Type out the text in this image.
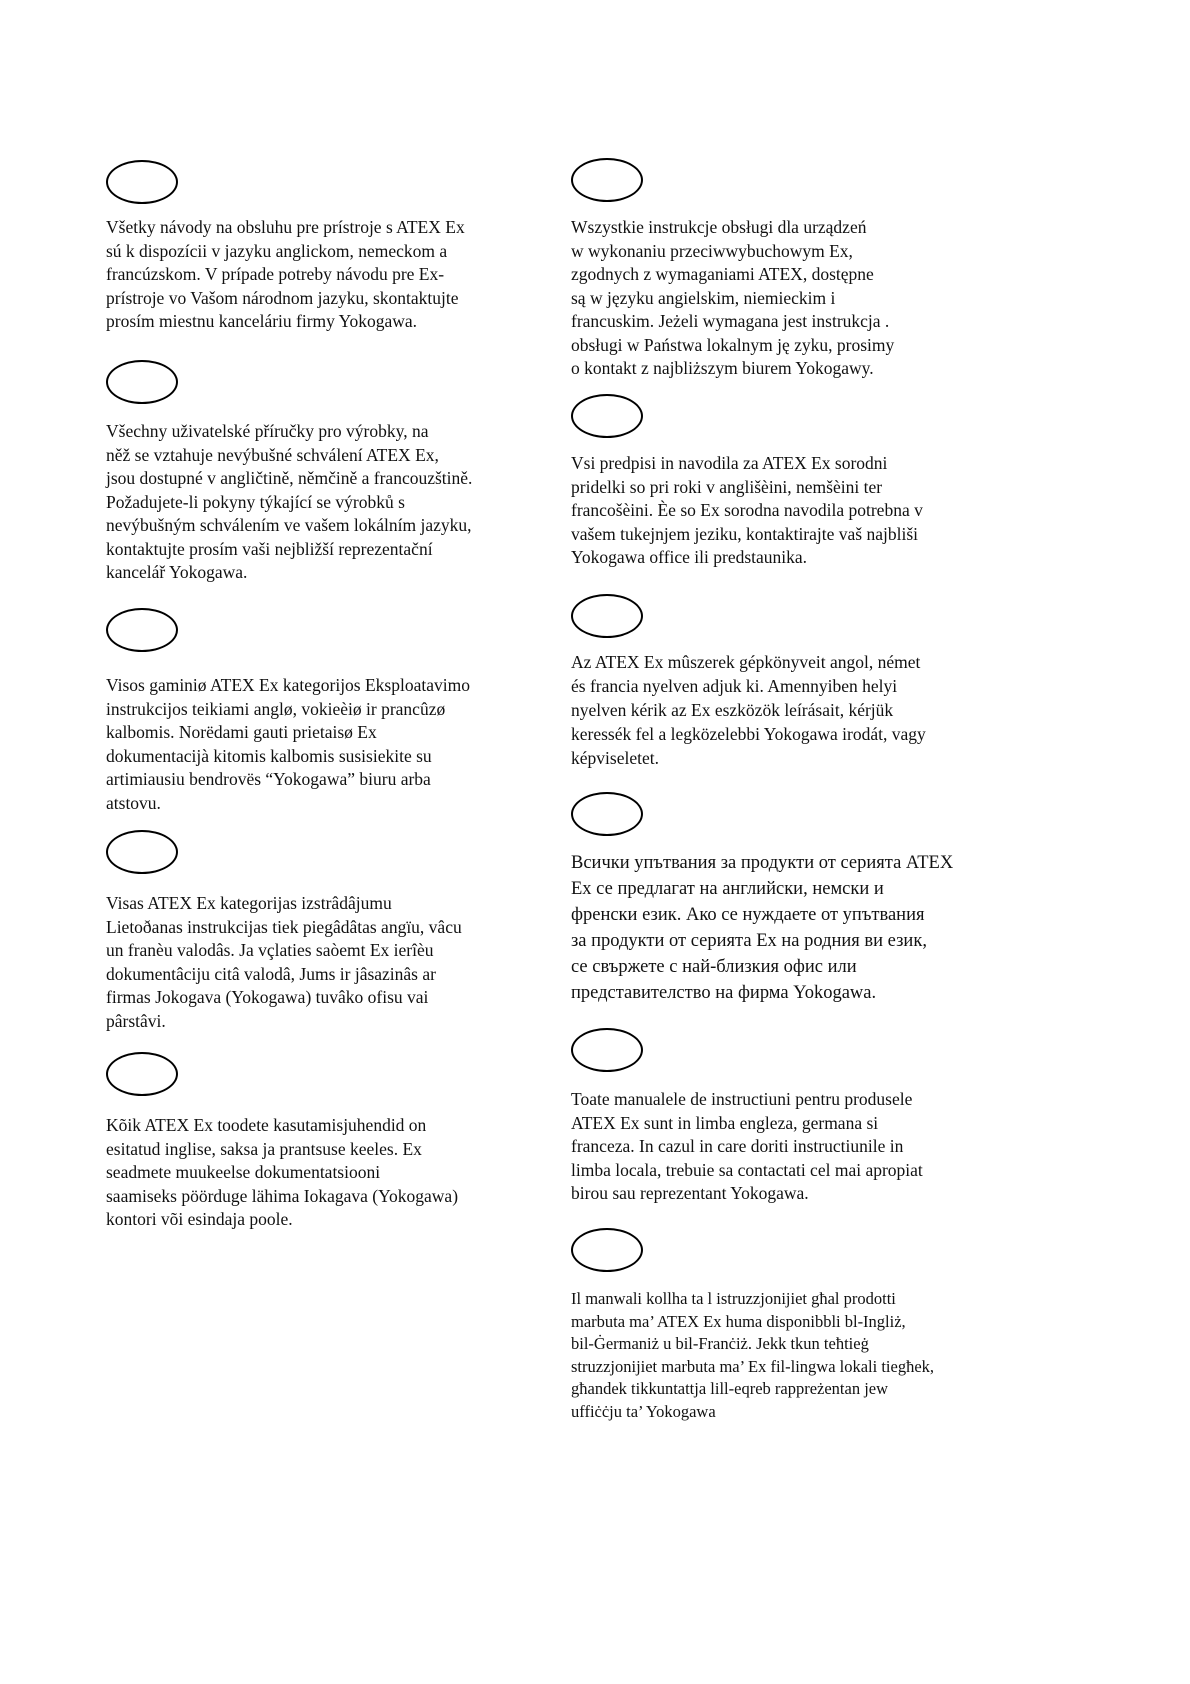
Všetky návody na obsluhu pre prístroje s ATEX Ex
sú k dispozícii v jazyku anglickom, nemeckom a
francúzskom. V prípade potreby návodu pre Ex-
prístroje vo Vašom národnom jazyku, skontaktujte
prosím miestnu kanceláriu firmy Yokogawa.
Všechny uživatelské příručky pro výrobky, na
něž se vztahuje nevýbušné schválení ATEX Ex,
jsou dostupné v angličtině, němčině a francouzštině.
Požadujete-li pokyny týkající se výrobků s
nevýbušným schválením ve vašem lokálním jazyku,
kontaktujte prosím vaši nejbližší reprezentační
kancelář Yokogawa.
Visos gaminiø ATEX Ex kategorijos Eksploatavimo
instrukcijos teikiami anglø, vokieèiø ir prancûzø
kalbomis. Norëdami gauti prietaisø Ex
dokumentacijà kitomis kalbomis susisiekite su
artimiausiu bendrovës “Yokogawa” biuru arba
atstovu.
Visas ATEX Ex kategorijas izstrâdâjumu
Lietoðanas instrukcijas tiek piegâdâtas angïu, vâcu
un franèu valodâs. Ja vçlaties saòemt Ex ierîèu
dokumentâciju citâ valodâ, Jums ir jâsazinâs ar
firmas Jokogava (Yokogawa) tuvâko ofisu vai
pârstâvi.
Kõik ATEX Ex toodete kasutamisjuhendid on
esitatud inglise, saksa ja prantsuse keeles. Ex
seadmete muukeelse dokumentatsiooni
saamiseks pöörduge lähima Iokagava (Yokogawa)
kontori või esindaja poole.
Wszystkie instrukcje obsługi dla urządzeń
w wykonaniu przeciwwybuchowym Ex,
zgodnych z wymaganiami ATEX, dostępne
są w języku angielskim, niemieckim i
francuskim. Jeżeli wymagana jest instrukcja .
obsługi w Państwa lokalnym ję zyku, prosimy
o kontakt z najbliższym biurem Yokogawy.
Vsi predpisi in navodila za ATEX Ex sorodni
pridelki so pri roki v anglišèini, nemšèini ter
francošèini. Èe so Ex sorodna navodila potrebna v
vašem tukejnjem jeziku, kontaktirajte vaš najbliši
Yokogawa office ili predstaunika.
Az ATEX Ex mûszerek gépkönyveit angol, német
és francia nyelven adjuk ki. Amennyiben helyi
nyelven kérik az Ex eszközök leírásait, kérjük
keressék fel a legközelebbi Yokogawa irodát, vagy
képviseletet.
Всички упътвания за продукти от серията ATEX
Ex се предлагат на английски, немски и
френски език. Ако се нуждаете от упътвания
за продукти от серията Ex на родния ви език,
се свържете с най-близкия офис или
представителство на фирма Yokogawa.
Toate manualele de instructiuni pentru produsele
ATEX Ex sunt in limba engleza, germana si
franceza. In cazul in care doriti instructiunile in
limba locala, trebuie sa contactati cel mai apropiat
birou sau reprezentant Yokogawa.
Il manwali kollha ta l istruzzjonijiet għal prodotti
marbuta ma’ ATEX Ex huma disponibbli bl-Ingliż,
bil-Ġermaniż u bil-Franċiż. Jekk tkun teħtieġ
struzzjonijiet marbuta ma’ Ex fil-lingwa lokali tiegħek,
għandek tikkuntattja lill-eqreb rappreżentan jew
uffiċċju ta’ Yokogawa
